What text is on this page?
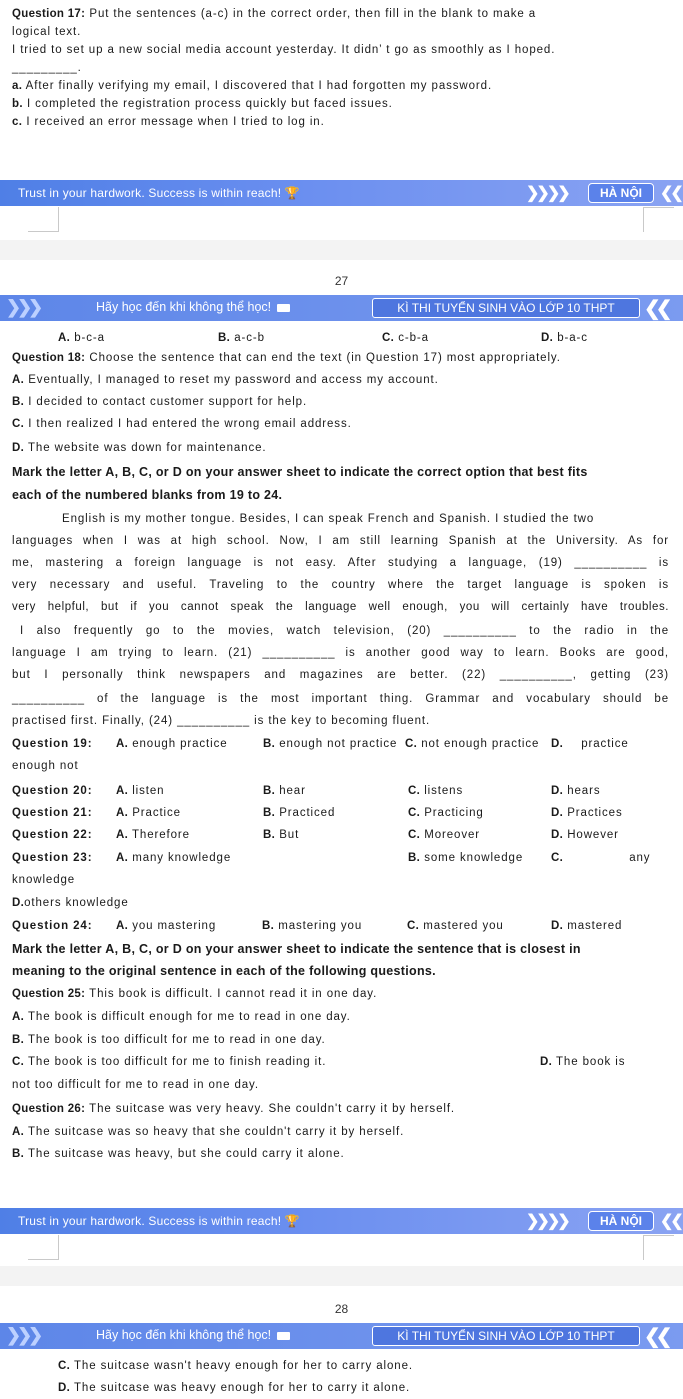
Question 17: Put the sentences (a-c) in the correct order, then fill in the blank to make a
logical text.
I tried to set up a new social media account yesterday. It didn’ t go as smoothly as I hoped.
_________.
a. After finally verifying my email, I discovered that I had forgotten my password.
b. I completed the registration process quickly but faced issues.
c. I received an error message when I tried to log in.
Trust in your hardwork. Success is within reach! 🏆	❯❯❯❯	HÀ NỘI	❮❮
27
❯❯❯	Hãy học đến khi không thể học!	KÌ THI TUYỂN SINH VÀO LỚP 10 THPT	❮❮
A. b-c-a	B. a-c-b	C. c-b-a	D. b-a-c
Question 18: Choose the sentence that can end the text (in Question 17) most appropriately.
A. Eventually, I managed to reset my password and access my account.
B. I decided to contact customer support for help.
C. I then realized I had entered the wrong email address.
D. The website was down for maintenance.
Mark the letter A, B, C, or D on your answer sheet to indicate the correct option that best fits
each of the numbered blanks from 19 to 24.
English is my mother tongue. Besides, I can speak French and Spanish. I studied the two
languages when I was at high school. Now, I am still learning Spanish at the University. As for
me, mastering a foreign language is not easy. After studying a language, (19) __________ is
very necessary and useful. Traveling to the country where the target language is spoken is
very helpful, but if you cannot speak the language well enough, you will certainly have troubles.
I also frequently go to the movies, watch television, (20) __________ to the radio in the
language I am trying to learn. (21) __________ is another good way to learn. Books are good,
but I personally think newspapers and magazines are better. (22) __________, getting (23)
__________ of the language is the most important thing. Grammar and vocabulary should be
practised first. Finally, (24) __________ is the key to becoming fluent.
Question 19: A. enough practice	B. enough not practice C. not enough practice D. practice
enough not
Question 20: A. listen	B. hear	C. listens	D. hears
Question 21: A. Practice	B. Practiced	C. Practicing	D. Practices
Question 22: A. Therefore	B. But	C. Moreover	D. However
Question 23: A. many knowledge	B. some knowledge C.	any
knowledge
D.others knowledge
Question 24: A. you mastering	B. mastering you	C. mastered you	D. mastered
Mark the letter A, B, C, or D on your answer sheet to indicate the sentence that is closest in
meaning to the original sentence in each of the following questions.
Question 25: This book is difficult. I cannot read it in one day.
A. The book is difficult enough for me to read in one day.
B. The book is too difficult for me to read in one day.
C. The book is too difficult for me to finish reading it.	D. The book is
not too difficult for me to read in one day.
Question 26: The suitcase was very heavy. She couldn't carry it by herself.
A. The suitcase was so heavy that she couldn't carry it by herself.
B. The suitcase was heavy, but she could carry it alone.
Trust in your hardwork. Success is within reach! 🏆	❯❯❯❯	HÀ NỘI	❮❮
28
❯❯❯	Hãy học đến khi không thể học!	KÌ THI TUYỂN SINH VÀO LỚP 10 THPT	❮❮
C. The suitcase wasn't heavy enough for her to carry alone.
D. The suitcase was heavy enough for her to carry it alone.
